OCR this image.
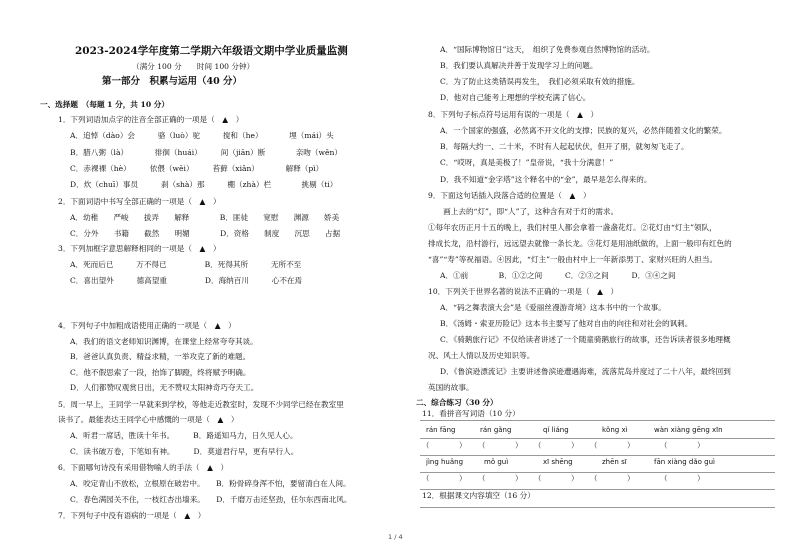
2023-2024学年度第二学期六年级语文期中学业质量监测
（满分 100 分　　时间 100 分钟）
第一部分　积累与运用（40 分）
一、选择题　（每题 1 分，共 10 分）
1．下列词语加点字的注音全部正确的一项是（　▲　）
A．追悼（dào）会　　　骆（luò）驼　　　搅和（he）　　　　埋（mái）头
B．腊八粥（là）　　　　徘徊（huái）　　　间（jiān）断　　　　亲吻（wěn）
C．赤裸裸（hè）　　　依偎（wěi）　　　苔藓（xiǎn）　　　　解释（pì）
D．炊（chuī）事员　　　刹（shà）那　　　棚（zhà）栏　　　　挑剔（ti）
2．下面词语中书写全部正确的一项是（　▲　）
A．幼稚　　严峻　　拔弄　　解释　　　　B．匪徒　　宽慰　　渊源　　娇美
C．分外　　书籍　　截然　　明媚　　　　D．资格　　制度　　沉思　　占据
3．下列加框字意思解释相同的一项是（　▲　）
A．死而后已　　　万不得已　　　　　B．死得其所　　　无所不至
C．喜出望外　　　德高望重　　　　　D．海纳百川　　　心不在焉
4．下列句子中加粗成语使用正确的一项是（　▲　）
A．我们的语文老师知识渊博，在课堂上经常夸夸其谈。
B．爸爸认真负责、精益求精，一举攻克了新的难题。
C．他不假思索了一段，抬饰了脚蹬，终将赋予明确。
D．人们都赞叹观赏日出，无不赞叹太阳神奇巧夺天工。
5．周一早上，王同学一早就来到学校，等他走近教室时，发现不少同学已经在教室里
读书了。最能表达王同学心中感慨的一项是（　▲　）
A．听君一席话，胜读十年书。　　　B．路遥知马力，日久见人心。
C．读书破万卷，下笔如有神。　　　D．莫道君行早，更有早行人。
6．下面哪句诗没有采用借物喻人的手法（　▲　）
A．咬定青山不放松，立根原在破岩中。　　B．粉骨碎身浑不怕，要留清白在人间。
C．春色满园关不住，一枝红杏出墙来。　　D．千磨万击还坚劲，任尔东西南北风。
7．下列句子中没有语病的一项是（　▲　）
A．“国际博物馆日”这天，　组织了免费参观自然博物馆的活动。
B．我们要认真解决并善于发现学习上的问题。
C．为了防止这类错误再发生，　我们必须采取有效的措施。
D．他对自己能考上理想的学校充满了信心。
8．下列句子标点符号运用有误的一项是（　▲　）
A．一个国家的强盛，必然离不开文化的支撑；民族的复兴，必然伴随着文化的繁荣。
B．每隔大约一、二十米，不时有人起起伏伏，但开了朋，就匆匆飞走了。
C．“哎呀，真是美极了！”皇帝说，“我十分满意！”
D．我不知道“金字塔”这个释名中的“金”，最早是怎么得来的。
9．下面这句话插入段落合适的位置是（　▲　）
　　画上去的“灯”，即“人”了，这种含有对于灯的需求。
①每年农历正月十五的晚上，我们村里人都会拿着一盏盏花灯。②花灯由“灯主”领队，
排成长龙，沿村游行，远远望去就像一条长龙。③花灯是用油纸做的，上面一般印有红色的
“喜”“寿”等祝福语。④因此，“灯主”一般由村中上一年新添男丁、家财兴旺的人担当。
A．①前　　　　B．①②之间　　　C．②③之间　　　D．③④之间
10．下列关于世界名著的说法不正确的一项是（　▲　）
A．“码之舞表演大会”是《爱丽丝漫游奇境》这本书中的一个故事。
B．《汤姆・索亚历险记》这本书主要写了他对自由的向往和对社会的讽刺。
C．《骑鹅旅行记》不仅给读者讲述了一个随童骑鹅旅行的故事，还告诉读者很多地理概
况、风土人情以及历史知识等。
D．《鲁滨逊漂流记》主要讲述鲁滨逊遭遇海难，流落荒岛并度过了二十八年，最终回到
英国的故事。
二、综合练习（30 分）
11．看拼音写词语（10 分）
rán fāng	rán gǎng	qí liáng	kǒng xì	wàn xiàng gēng xīn
（　　　　） （　　　　） （　　　　） （　　　　）	（　　　　）
jìng huǎng	mǒ guì	xī shēng	zhēn sī	fān xiàng dǎo guì
（　　　　） （　　　　） （　　　　） （　　　　）	（　　　　）
12．根据课文内容填空（16 分）
1 / 4
